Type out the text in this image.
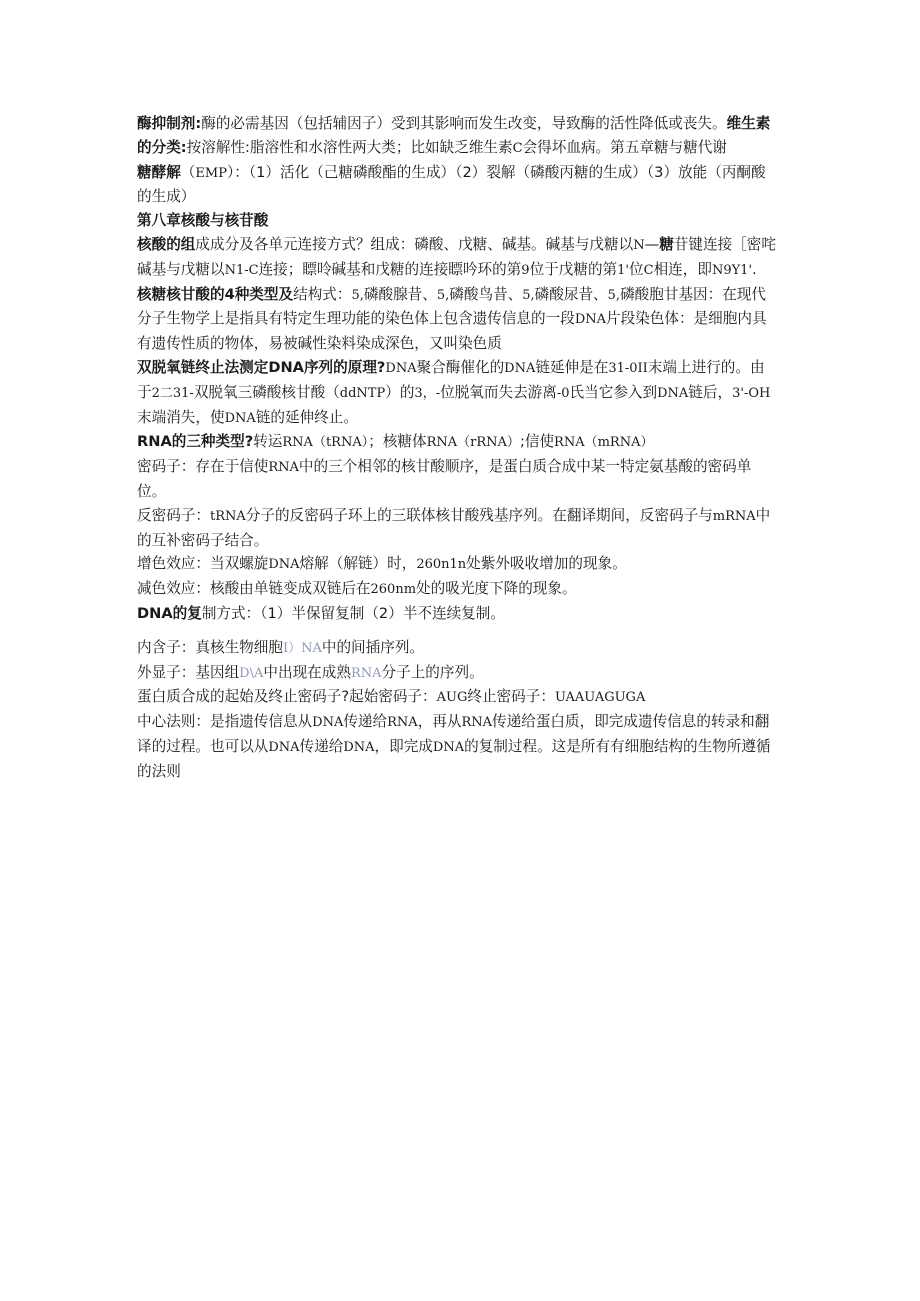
酶抑制剂:酶的必需基因（包括辅因子）受到其影响而发生改变，导致酶的活性降低或丧失。维生素的分类:按溶解性:脂溶性和水溶性两大类；比如缺乏维生素C会得坏血病。第五章糖与糖代谢

糖酵解（EMP）：（1）活化（己糖磷酸酯的生成）（2）裂解（磷酸丙糖的生成）（3）放能（丙酮酸的生成）

第八章核酸与核苷酸

核酸的组成成分及各单元连接方式？组成：磷酸、戊糖、碱基。碱基与戊糖以N—糖苷键连接［密咤碱基与戊糖以N1-C连接；瞟呤碱基和戊糖的连接瞟吟环的第9位于戊糖的第1'位C相连，即N9Y1'.

核糖核甘酸的4种类型及结构式：5,磷酸腺昔、5,磷酸鸟昔、5,磷酸尿昔、5,磷酸胞甘基因：在现代分子生物学上是指具有特定生理功能的染色体上包含遗传信息的一段DNA片段染色体：是细胞内具有遗传性质的物体，易被碱性染料染成深色，又叫染色质

双脱氧链终止法测定DNA序列的原理?DNA聚合酶催化的DNA链延伸是在31-0II末端上进行的。由于2二31-双脱氧三磷酸核甘酸（ddNTP）的3，-位脱氧而失去游离-0氏当它参入到DNA链后，3'-OH末端消失，使DNA链的延伸终止。

RNA的三种类型?转运RNA（tRNA）；核糖体RNA（rRNA）;信使RNA（mRNA）

密码子：存在于信使RNA中的三个相邻的核甘酸顺序，是蛋白质合成中某一特定氨基酸的密码单位。

反密码子：tRNA分子的反密码子环上的三联体核甘酸残基序列。在翻译期间，反密码子与mRNA中的互补密码子结合。

增色效应：当双螺旋DNA熔解（解链）时，260n1n处紫外吸收增加的现象。

减色效应：核酸由单链变成双链后在260nm处的吸光度下降的现象。

DNA的复制方式：（1）半保留复制（2）半不连续复制。

内含子：真核生物细胞I）NA中的间插序列。

外显子：基因组D\A中出现在成熟RNA分子上的序列。

蛋白质合成的起始及终止密码子?起始密码子：AUG终止密码子：UAAUAGUGA

中心法则：是指遗传信息从DNA传递给RNA，再从RNA传递给蛋白质，即完成遗传信息的转录和翻译的过程。也可以从DNA传递给DNA，即完成DNA的复制过程。这是所有有细胞结构的生物所遵循的法则
